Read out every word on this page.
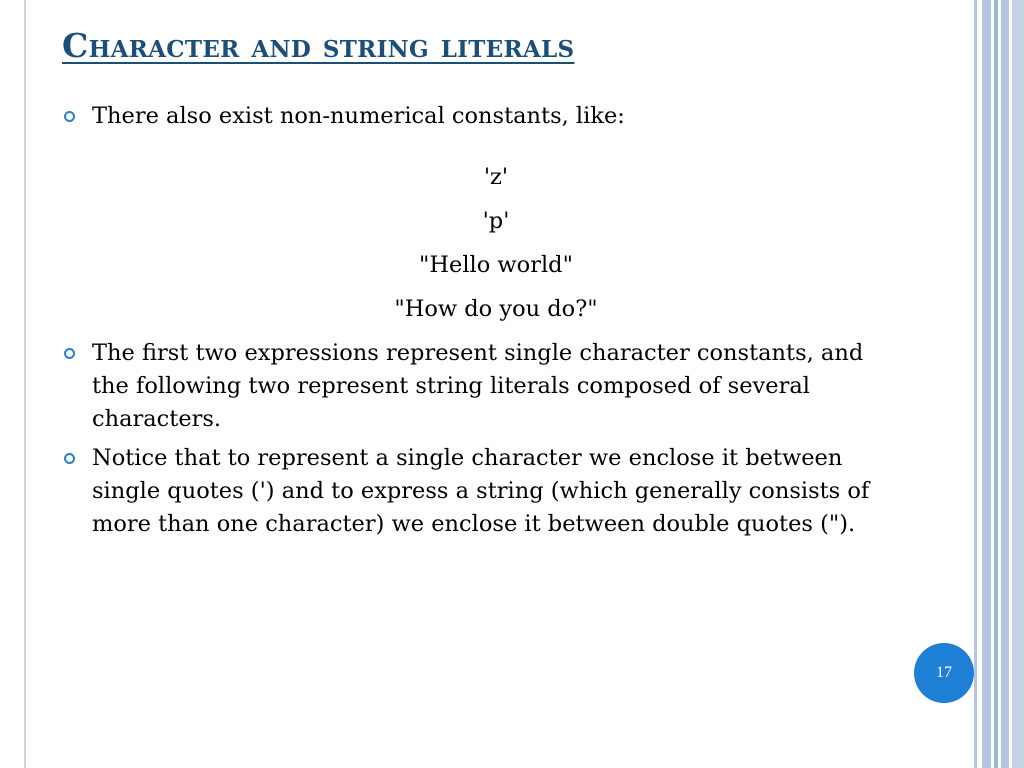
Character and string literals

There also exist non-numerical constants, like:

'z'
'p'
"Hello world"
"How do you do?"

The first two expressions represent single character constants, and the following two represent string literals composed of several characters.

Notice that to represent a single character we enclose it between single quotes (') and to express a string (which generally consists of more than one character) we enclose it between double quotes (").

17
